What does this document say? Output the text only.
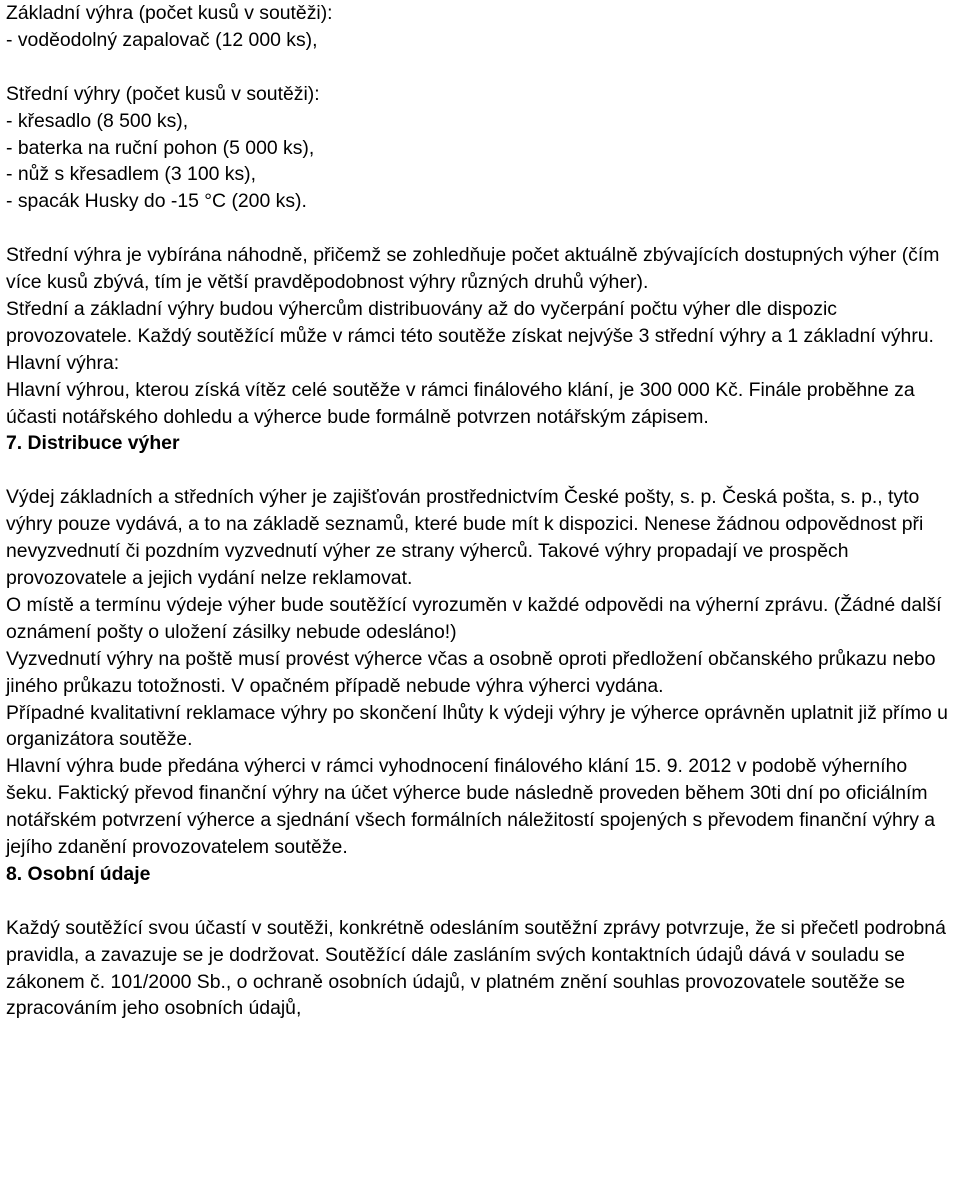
Základní výhra (počet kusů v soutěži):

- voděodolný zapalovač (12 000 ks),

Střední výhry (počet kusů v soutěži):

- křesadlo (8 500 ks),

- baterka na ruční pohon (5 000 ks),

- nůž s křesadlem (3 100 ks),

- spacák Husky do -15 °C (200 ks).

Střední výhra je vybírána náhodně, přičemž se zohledňuje počet aktuálně zbývajících dostupných výher (čím více kusů zbývá, tím je větší pravděpodobnost výhry různých druhů výher).

Střední a základní výhry budou výhercům distribuovány až do vyčerpání počtu výher dle dispozic provozovatele. Každý soutěžící může v rámci této soutěže získat nejvýše 3 střední výhry a 1 základní výhru.

Hlavní výhra:

Hlavní výhrou, kterou získá vítěz celé soutěže v rámci finálového klání, je 300 000 Kč. Finále proběhne za účasti notářského dohledu a výherce bude formálně potvrzen notářským zápisem.

7. Distribuce výher

Výdej základních a středních výher je zajišťován prostřednictvím České pošty, s. p. Česká pošta, s. p., tyto výhry pouze vydává, a to na základě seznamů, které bude mít k dispozici. Nenese žádnou odpovědnost při nevyzvednutí či pozdním vyzvednutí výher ze strany výherců. Takové výhry propadají ve prospěch provozovatele a jejich vydání nelze reklamovat.

O místě a termínu výdeje výher bude soutěžící vyrozuměn v každé odpovědi na výherní zprávu. (Žádné další oznámení pošty o uložení zásilky nebude odesláno!)

Vyzvednutí výhry na poště musí provést výherce včas a osobně oproti předložení občanského průkazu nebo jiného průkazu totožnosti. V opačném případě nebude výhra výherci vydána.

Případné kvalitativní reklamace výhry po skončení lhůty k výdeji výhry je výherce oprávněn uplatnit již přímo u organizátora soutěže.

Hlavní výhra bude předána výherci v rámci vyhodnocení finálového klání 15. 9. 2012 v podobě výherního šeku. Faktický převod finanční výhry na účet výherce bude následně proveden během 30ti dní po oficiálním notářském potvrzení výherce a sjednání všech formálních náležitostí spojených s převodem finanční výhry a jejího zdanění provozovatelem soutěže.

8. Osobní údaje

Každý soutěžící svou účastí v soutěži, konkrétně odesláním soutěžní zprávy potvrzuje, že si přečetl podrobná pravidla, a zavazuje se je dodržovat. Soutěžící dále zasláním svých kontaktních údajů dává v souladu se zákonem č. 101/2000 Sb., o ochraně osobních údajů, v platném znění souhlas provozovatele soutěže se zpracováním jeho osobních údajů,
